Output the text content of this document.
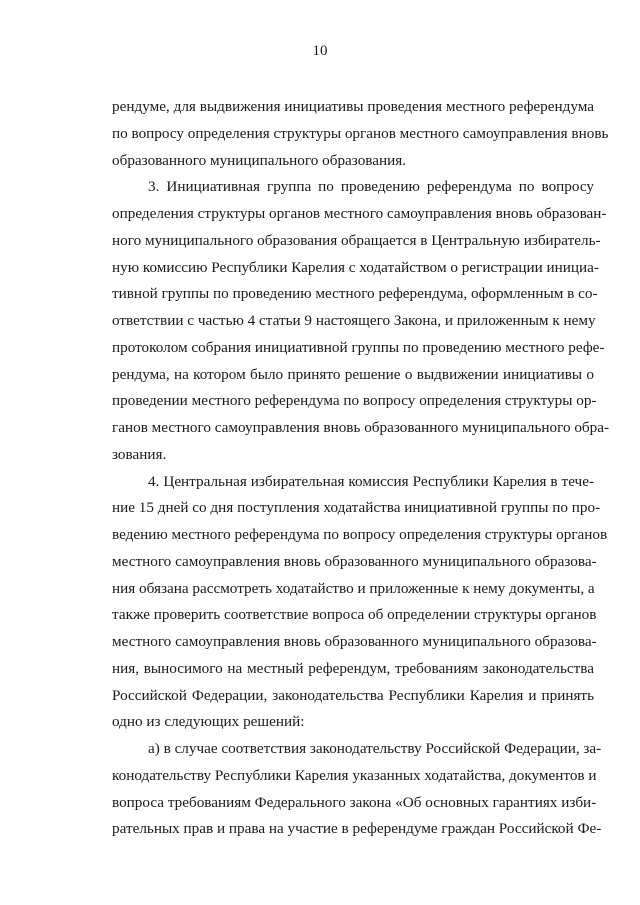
10
рендуме, для выдвижения инициативы проведения местного референдума
по вопросу определения структуры органов местного самоуправления вновь
образованного муниципального образования.
3. Инициативная группа по проведению референдума по вопросу
определения структуры органов местного самоуправления вновь образован-
ного муниципального образования обращается в Центральную избиратель-
ную комиссию Республики Карелия с ходатайством о регистрации инициа-
тивной группы по проведению местного референдума, оформленным в со-
ответствии с частью 4 статьи 9 настоящего Закона, и приложенным к нему
протоколом собрания инициативной группы по проведению местного рефе-
рендума, на котором было принято решение о выдвижении инициативы о
проведении местного референдума по вопросу определения структуры ор-
ганов местного самоуправления вновь образованного муниципального обра-
зования.
4. Центральная избирательная комиссия Республики Карелия в тече-
ние 15 дней со дня поступления ходатайства инициативной группы по про-
ведению местного референдума по вопросу определения структуры органов
местного самоуправления вновь образованного муниципального образова-
ния обязана рассмотреть ходатайство и приложенные к нему документы, а
также проверить соответствие вопроса об определении структуры органов
местного самоуправления вновь образованного муниципального образова-
ния, выносимого на местный референдум, требованиям законодательства
Российской Федерации, законодательства Республики Карелия и принять
одно из следующих решений:
а) в случае соответствия законодательству Российской Федерации, за-
конодательству Республики Карелия указанных ходатайства, документов и
вопроса требованиям Федерального закона «Об основных гарантиях изби-
рательных прав и права на участие в референдуме граждан Российской Фе-
